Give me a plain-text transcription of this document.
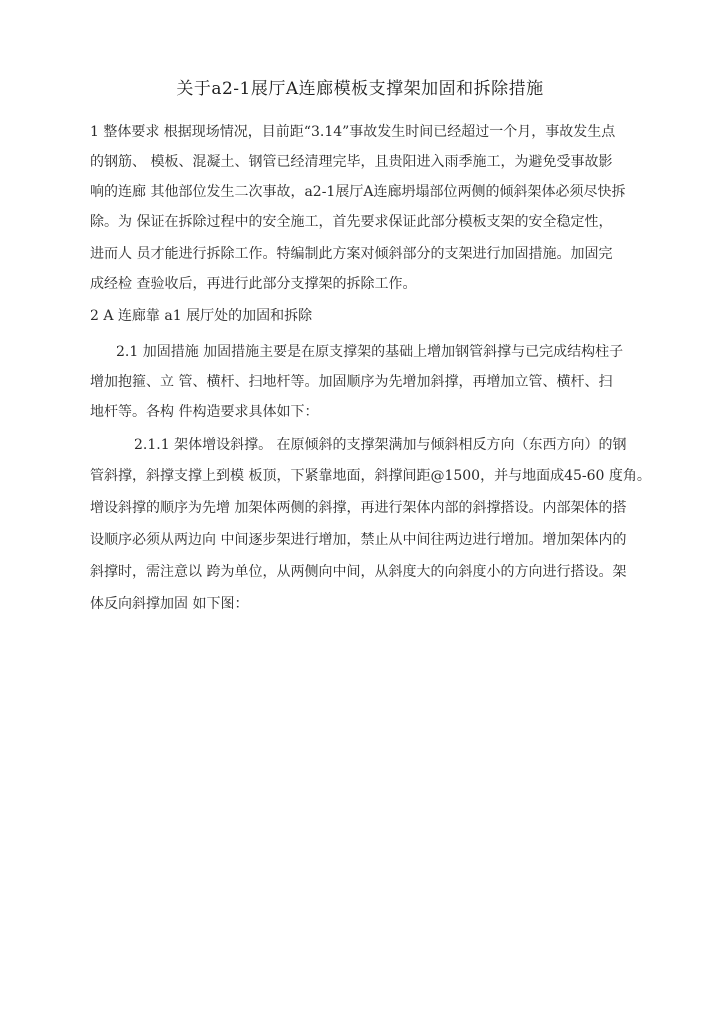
关于a2-1展厅A连廊模板支撑架加固和拆除措施
1 整体要求 根据现场情况，目前距“3.14”事故发生时间已经超过一个月，事故发生点
的钢筋、 模板、混凝土、钢管已经清理完毕，且贵阳进入雨季施工，为避免受事故影
响的连廊 其他部位发生二次事故，a2-1展厅A连廊坍塌部位两侧的倾斜架体必须尽快拆
除。为 保证在拆除过程中的安全施工，首先要求保证此部分模板支架的安全稳定性，
进而人 员才能进行拆除工作。特编制此方案对倾斜部分的支架进行加固措施。加固完
成经检 查验收后，再进行此部分支撑架的拆除工作。
2 A 连廊靠 a1 展厅处的加固和拆除
2.1 加固措施 加固措施主要是在原支撑架的基础上增加钢管斜撑与已完成结构柱子
增加抱箍、立 管、横杆、扫地杆等。加固顺序为先增加斜撑，再增加立管、横杆、扫
地杆等。各构 件构造要求具体如下：
2.1.1 架体增设斜撑。 在原倾斜的支撑架满加与倾斜相反方向（东西方向）的钢
管斜撑，斜撑支撑上到模 板顶，下紧靠地面，斜撑间距@1500，并与地面成45-60 度角。
增设斜撑的顺序为先增 加架体两侧的斜撑，再进行架体内部的斜撑搭设。内部架体的搭
设顺序必须从两边向 中间逐步架进行增加，禁止从中间往两边进行增加。增加架体内的
斜撑时，需注意以 跨为单位，从两侧向中间，从斜度大的向斜度小的方向进行搭设。架
体反向斜撑加固 如下图：
